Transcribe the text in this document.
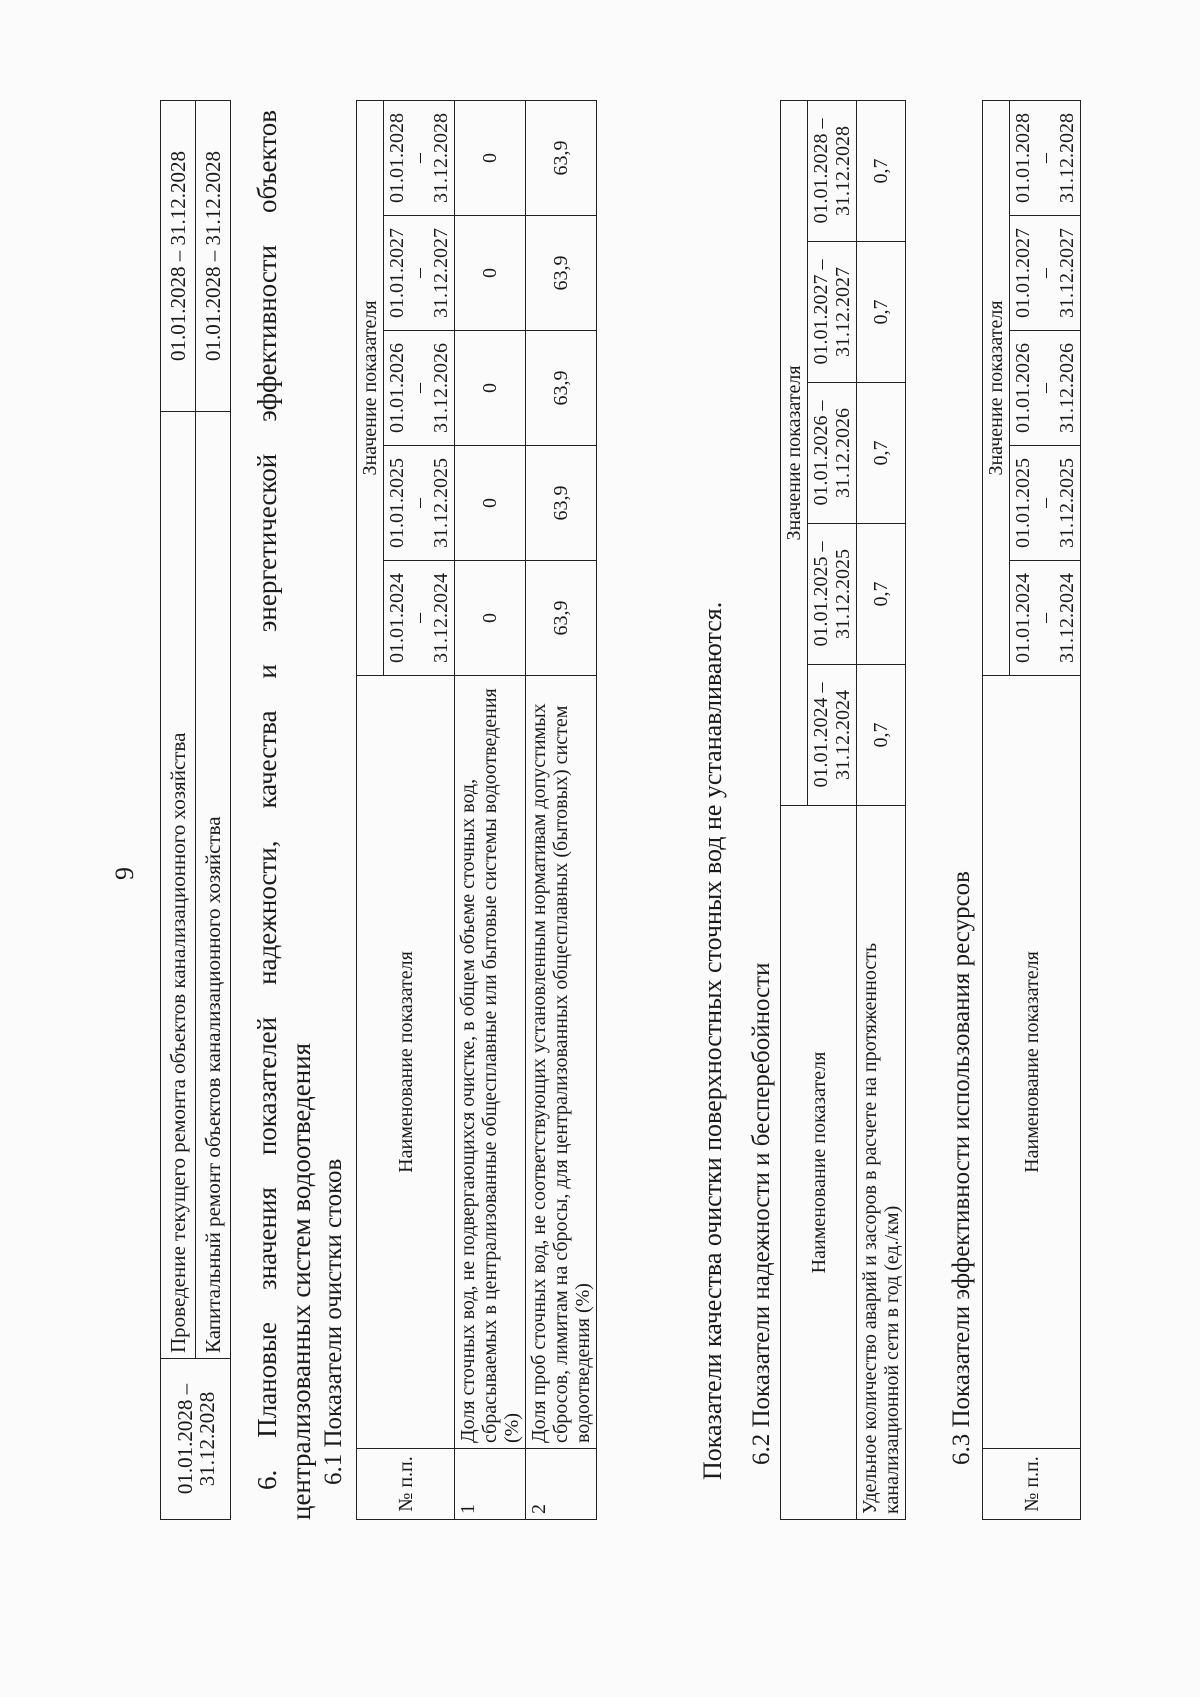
9
01.01.2028 – 31.12.2028	Проведение текущего ремонта объектов канализационного хозяйства	01.01.2028 – 31.12.2028
	Капитальный ремонт объектов канализационного хозяйства	01.01.2028 – 31.12.2028 6. Плановые значения показателей надежности, качества и энергетической эффективности объектов централизованных систем водоотведения 6.1 Показатели очистки стоков № п.п.	Наименование показателя	Значение показателя				
		01.01.2024 – 31.12.2024	01.01.2025 – 31.12.2025	01.01.2026 – 31.12.2026	01.01.2027 – 31.12.2027	01.01.2028 – 31.12.2028
1	Доля сточных вод, не подвергающихся очистке, в общем объеме сточных вод, сбрасываемых в централизованные общесплавные или бытовые системы водоотведения (%)	0	0	0	0	0
2	Доля проб сточных вод, не соответствующих установленным нормативам допустимых сбросов, лимитам на сбросы, для централизованных общесплавных (бытовых) систем водоотведения (%)	63,9	63,9	63,9	63,9	63,9
Показатели качества очистки поверхностных сточных вод не устанавливаются. 6.2 Показатели надежности и бесперебойности Наименование показателя	Значение показателя				
	01.01.2024 – 31.12.2024	01.01.2025 – 31.12.2025	01.01.2026 – 31.12.2026	01.01.2027 – 31.12.2027	01.01.2028 – 31.12.2028
Удельное количество аварий и засоров в расчете на протяженность канализационной сети в год (ед./км)	0,7	0,7	0,7	0,7	0,7
6.3 Показатели эффективности использования ресурсов
№ п.п.	Наименование показателя	Значение показателя				
		01.01.2024 – 31.12.2024	01.01.2025 – 31.12.2025	01.01.2026 – 31.12.2026	01.01.2027 – 31.12.2027	01.01.2028 – 31.12.2028
